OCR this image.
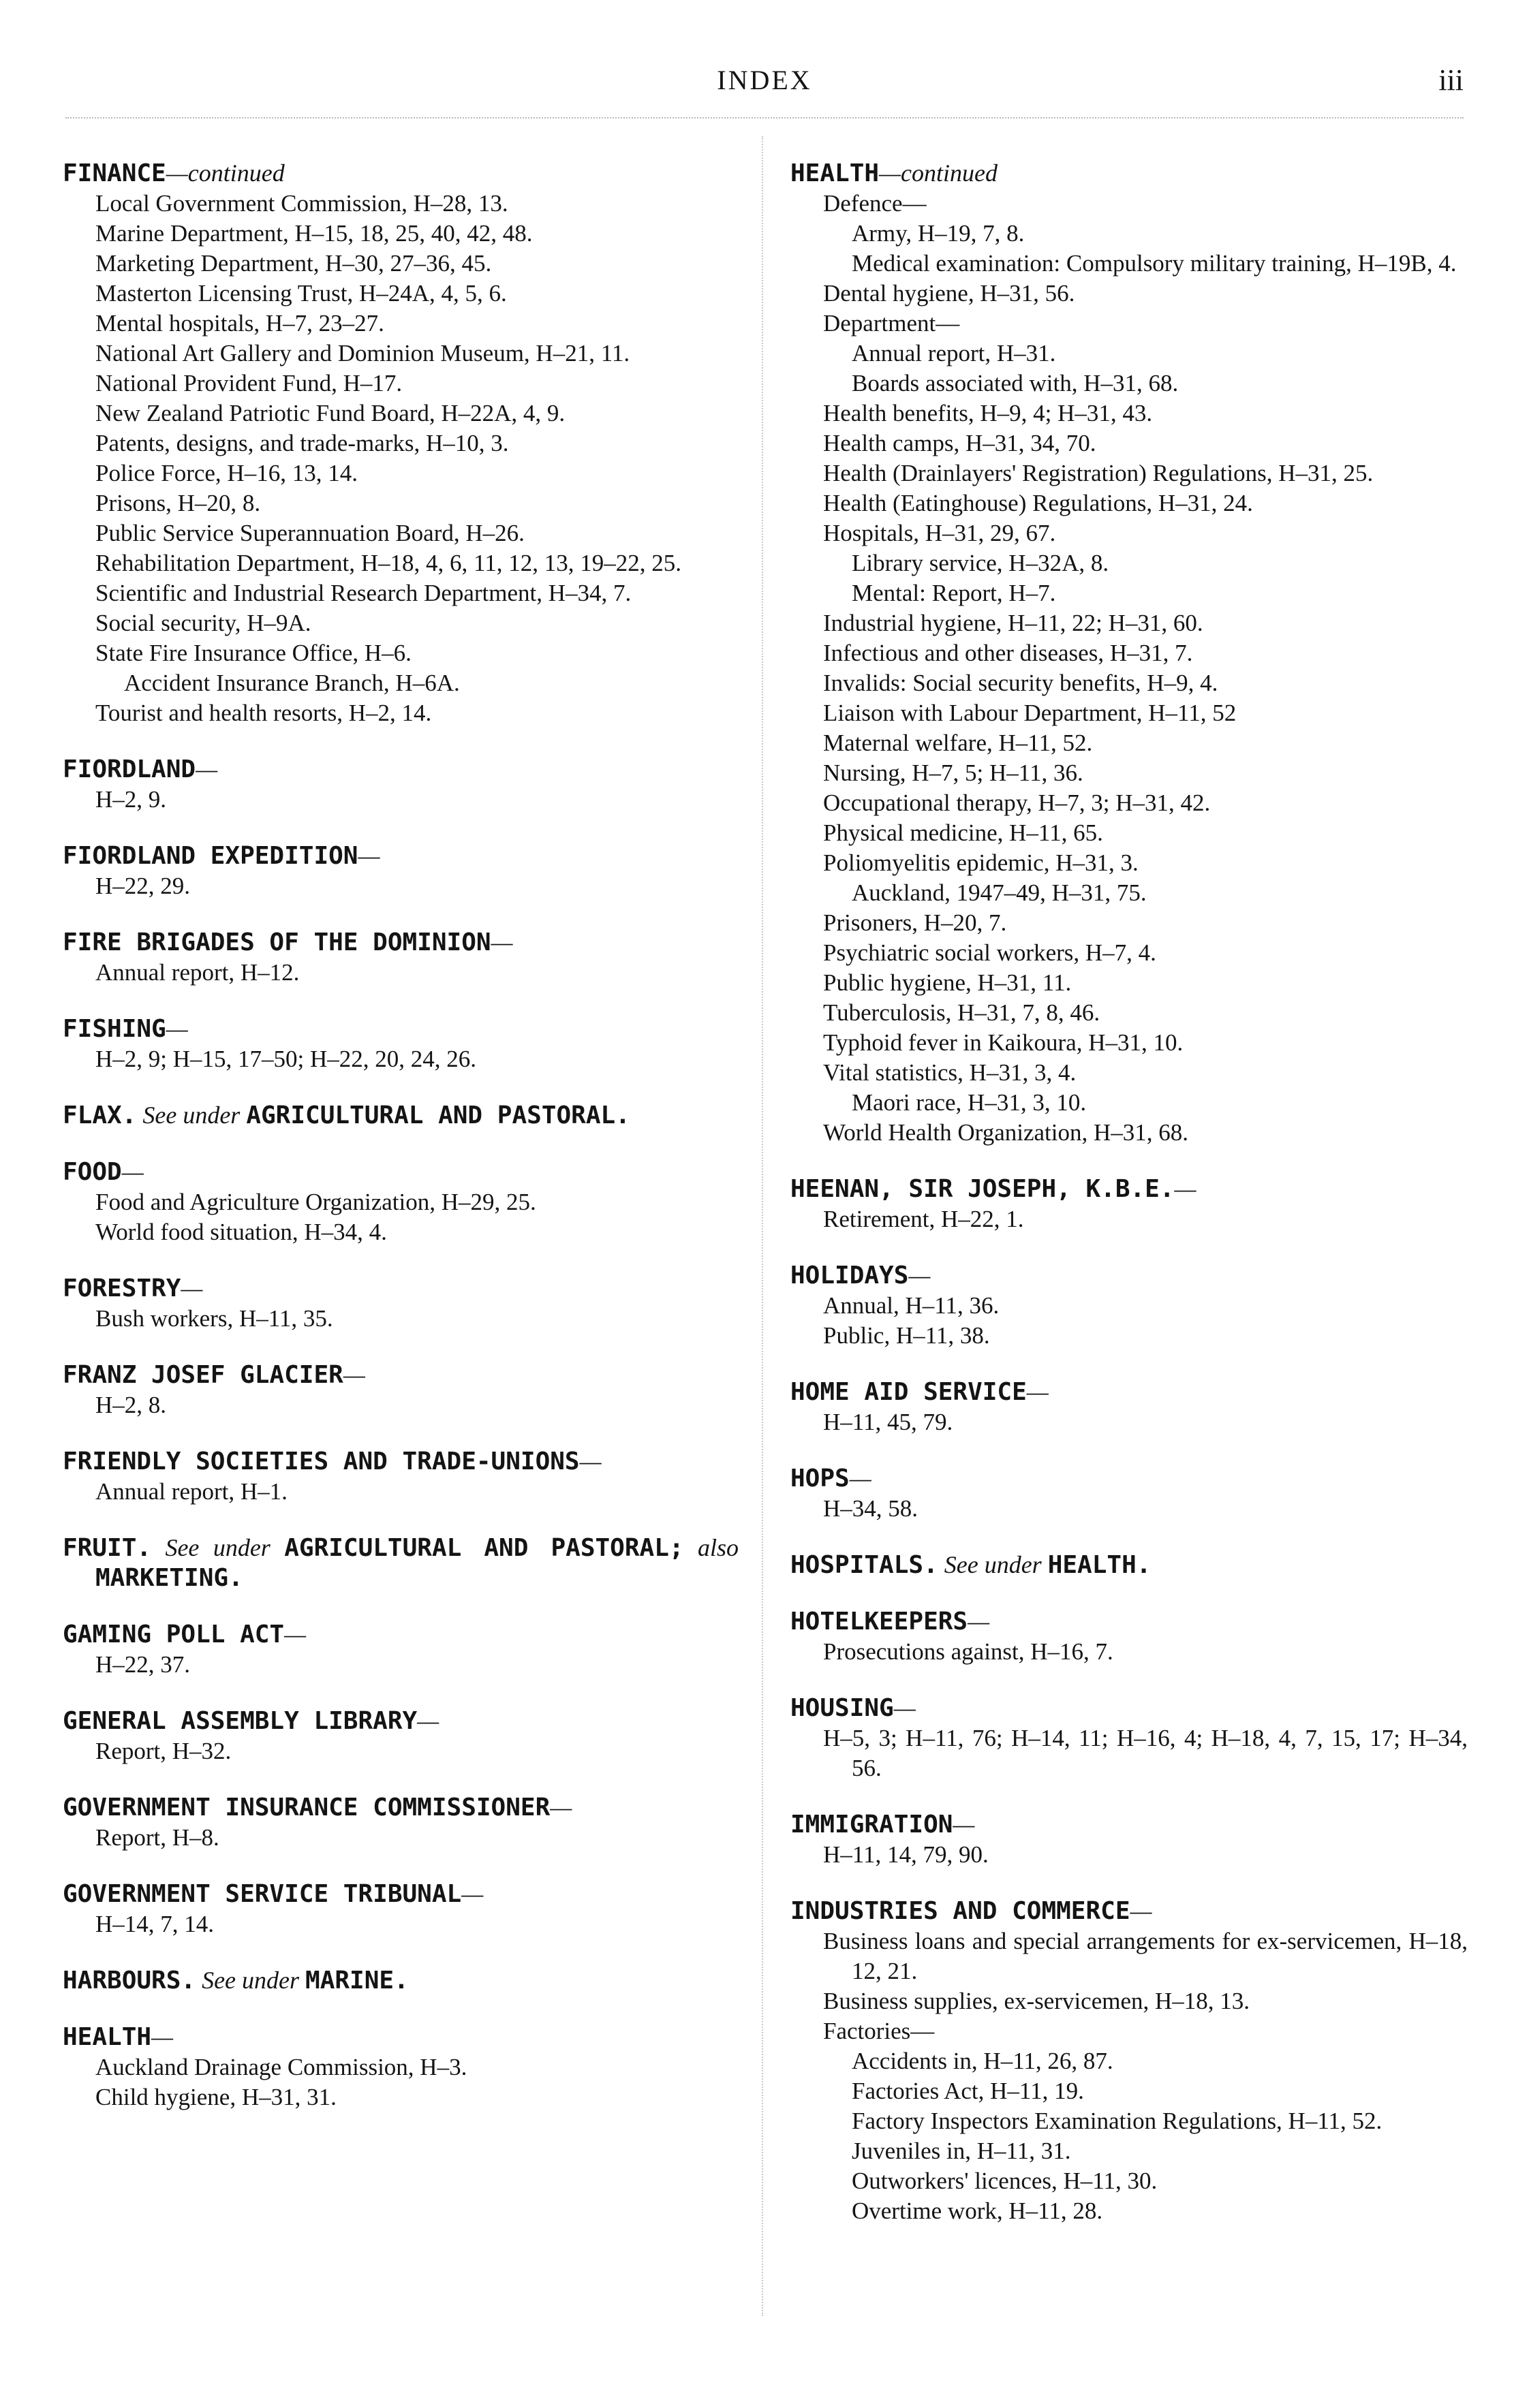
INDEX	iii
FINANCE—continued
Local Government Commission, H–28, 13.
Marine Department, H–15, 18, 25, 40, 42, 48.
Marketing Department, H–30, 27–36, 45.
Masterton Licensing Trust, H–24A, 4, 5, 6.
Mental hospitals, H–7, 23–27.
National Art Gallery and Dominion Museum, H–21, 11.
National Provident Fund, H–17.
New Zealand Patriotic Fund Board, H–22A, 4, 9.
Patents, designs, and trade-marks, H–10, 3.
Police Force, H–16, 13, 14.
Prisons, H–20, 8.
Public Service Superannuation Board, H–26.
Rehabilitation Department, H–18, 4, 6, 11, 12, 13, 19–22, 25.
Scientific and Industrial Research Department, H–34, 7.
Social security, H–9A.
State Fire Insurance Office, H–6.
Accident Insurance Branch, H–6A.
Tourist and health resorts, H–2, 14.
FIORDLAND—
H–2, 9.
FIORDLAND EXPEDITION—
H–22, 29.
FIRE BRIGADES OF THE DOMINION—
Annual report, H–12.
FISHING—
H–2, 9; H–15, 17–50; H–22, 20, 24, 26.
FLAX. See under AGRICULTURAL AND PASTORAL.
FOOD—
Food and Agriculture Organization, H–29, 25.
World food situation, H–34, 4.
FORESTRY—
Bush workers, H–11, 35.
FRANZ JOSEF GLACIER—
H–2, 8.
FRIENDLY SOCIETIES AND TRADE-UNIONS—
Annual report, H–1.
FRUIT. See under AGRICULTURAL AND PASTORAL; also MARKETING.
GAMING POLL ACT—
H–22, 37.
GENERAL ASSEMBLY LIBRARY—
Report, H–32.
GOVERNMENT INSURANCE COMMISSIONER—
Report, H–8.
GOVERNMENT SERVICE TRIBUNAL—
H–14, 7, 14.
HARBOURS. See under MARINE.
HEALTH—
Auckland Drainage Commission, H–3.
Child hygiene, H–31, 31.
HEALTH—continued
Defence—
Army, H–19, 7, 8.
Medical examination: Compulsory military training, H–19B, 4.
Dental hygiene, H–31, 56.
Department—
Annual report, H–31.
Boards associated with, H–31, 68.
Health benefits, H–9, 4; H–31, 43.
Health camps, H–31, 34, 70.
Health (Drainlayers' Registration) Regulations, H–31, 25.
Health (Eatinghouse) Regulations, H–31, 24.
Hospitals, H–31, 29, 67.
Library service, H–32A, 8.
Mental: Report, H–7.
Industrial hygiene, H–11, 22; H–31, 60.
Infectious and other diseases, H–31, 7.
Invalids: Social security benefits, H–9, 4.
Liaison with Labour Department, H–11, 52
Maternal welfare, H–11, 52.
Nursing, H–7, 5; H–11, 36.
Occupational therapy, H–7, 3; H–31, 42.
Physical medicine, H–11, 65.
Poliomyelitis epidemic, H–31, 3.
Auckland, 1947–49, H–31, 75.
Prisoners, H–20, 7.
Psychiatric social workers, H–7, 4.
Public hygiene, H–31, 11.
Tuberculosis, H–31, 7, 8, 46.
Typhoid fever in Kaikoura, H–31, 10.
Vital statistics, H–31, 3, 4.
Maori race, H–31, 3, 10.
World Health Organization, H–31, 68.
HEENAN, SIR JOSEPH, K.B.E.—
Retirement, H–22, 1.
HOLIDAYS—
Annual, H–11, 36.
Public, H–11, 38.
HOME AID SERVICE—
H–11, 45, 79.
HOPS—
H–34, 58.
HOSPITALS. See under HEALTH.
HOTELKEEPERS—
Prosecutions against, H–16, 7.
HOUSING—
H–5, 3; H–11, 76; H–14, 11; H–16, 4; H–18, 4, 7, 15, 17; H–34, 56.
IMMIGRATION—
H–11, 14, 79, 90.
INDUSTRIES AND COMMERCE—
Business loans and special arrangements for ex-servicemen, H–18, 12, 21.
Business supplies, ex-servicemen, H–18, 13.
Factories—
Accidents in, H–11, 26, 87.
Factories Act, H–11, 19.
Factory Inspectors Examination Regulations, H–11, 52.
Juveniles in, H–11, 31.
Outworkers' licences, H–11, 30.
Overtime work, H–11, 28.
